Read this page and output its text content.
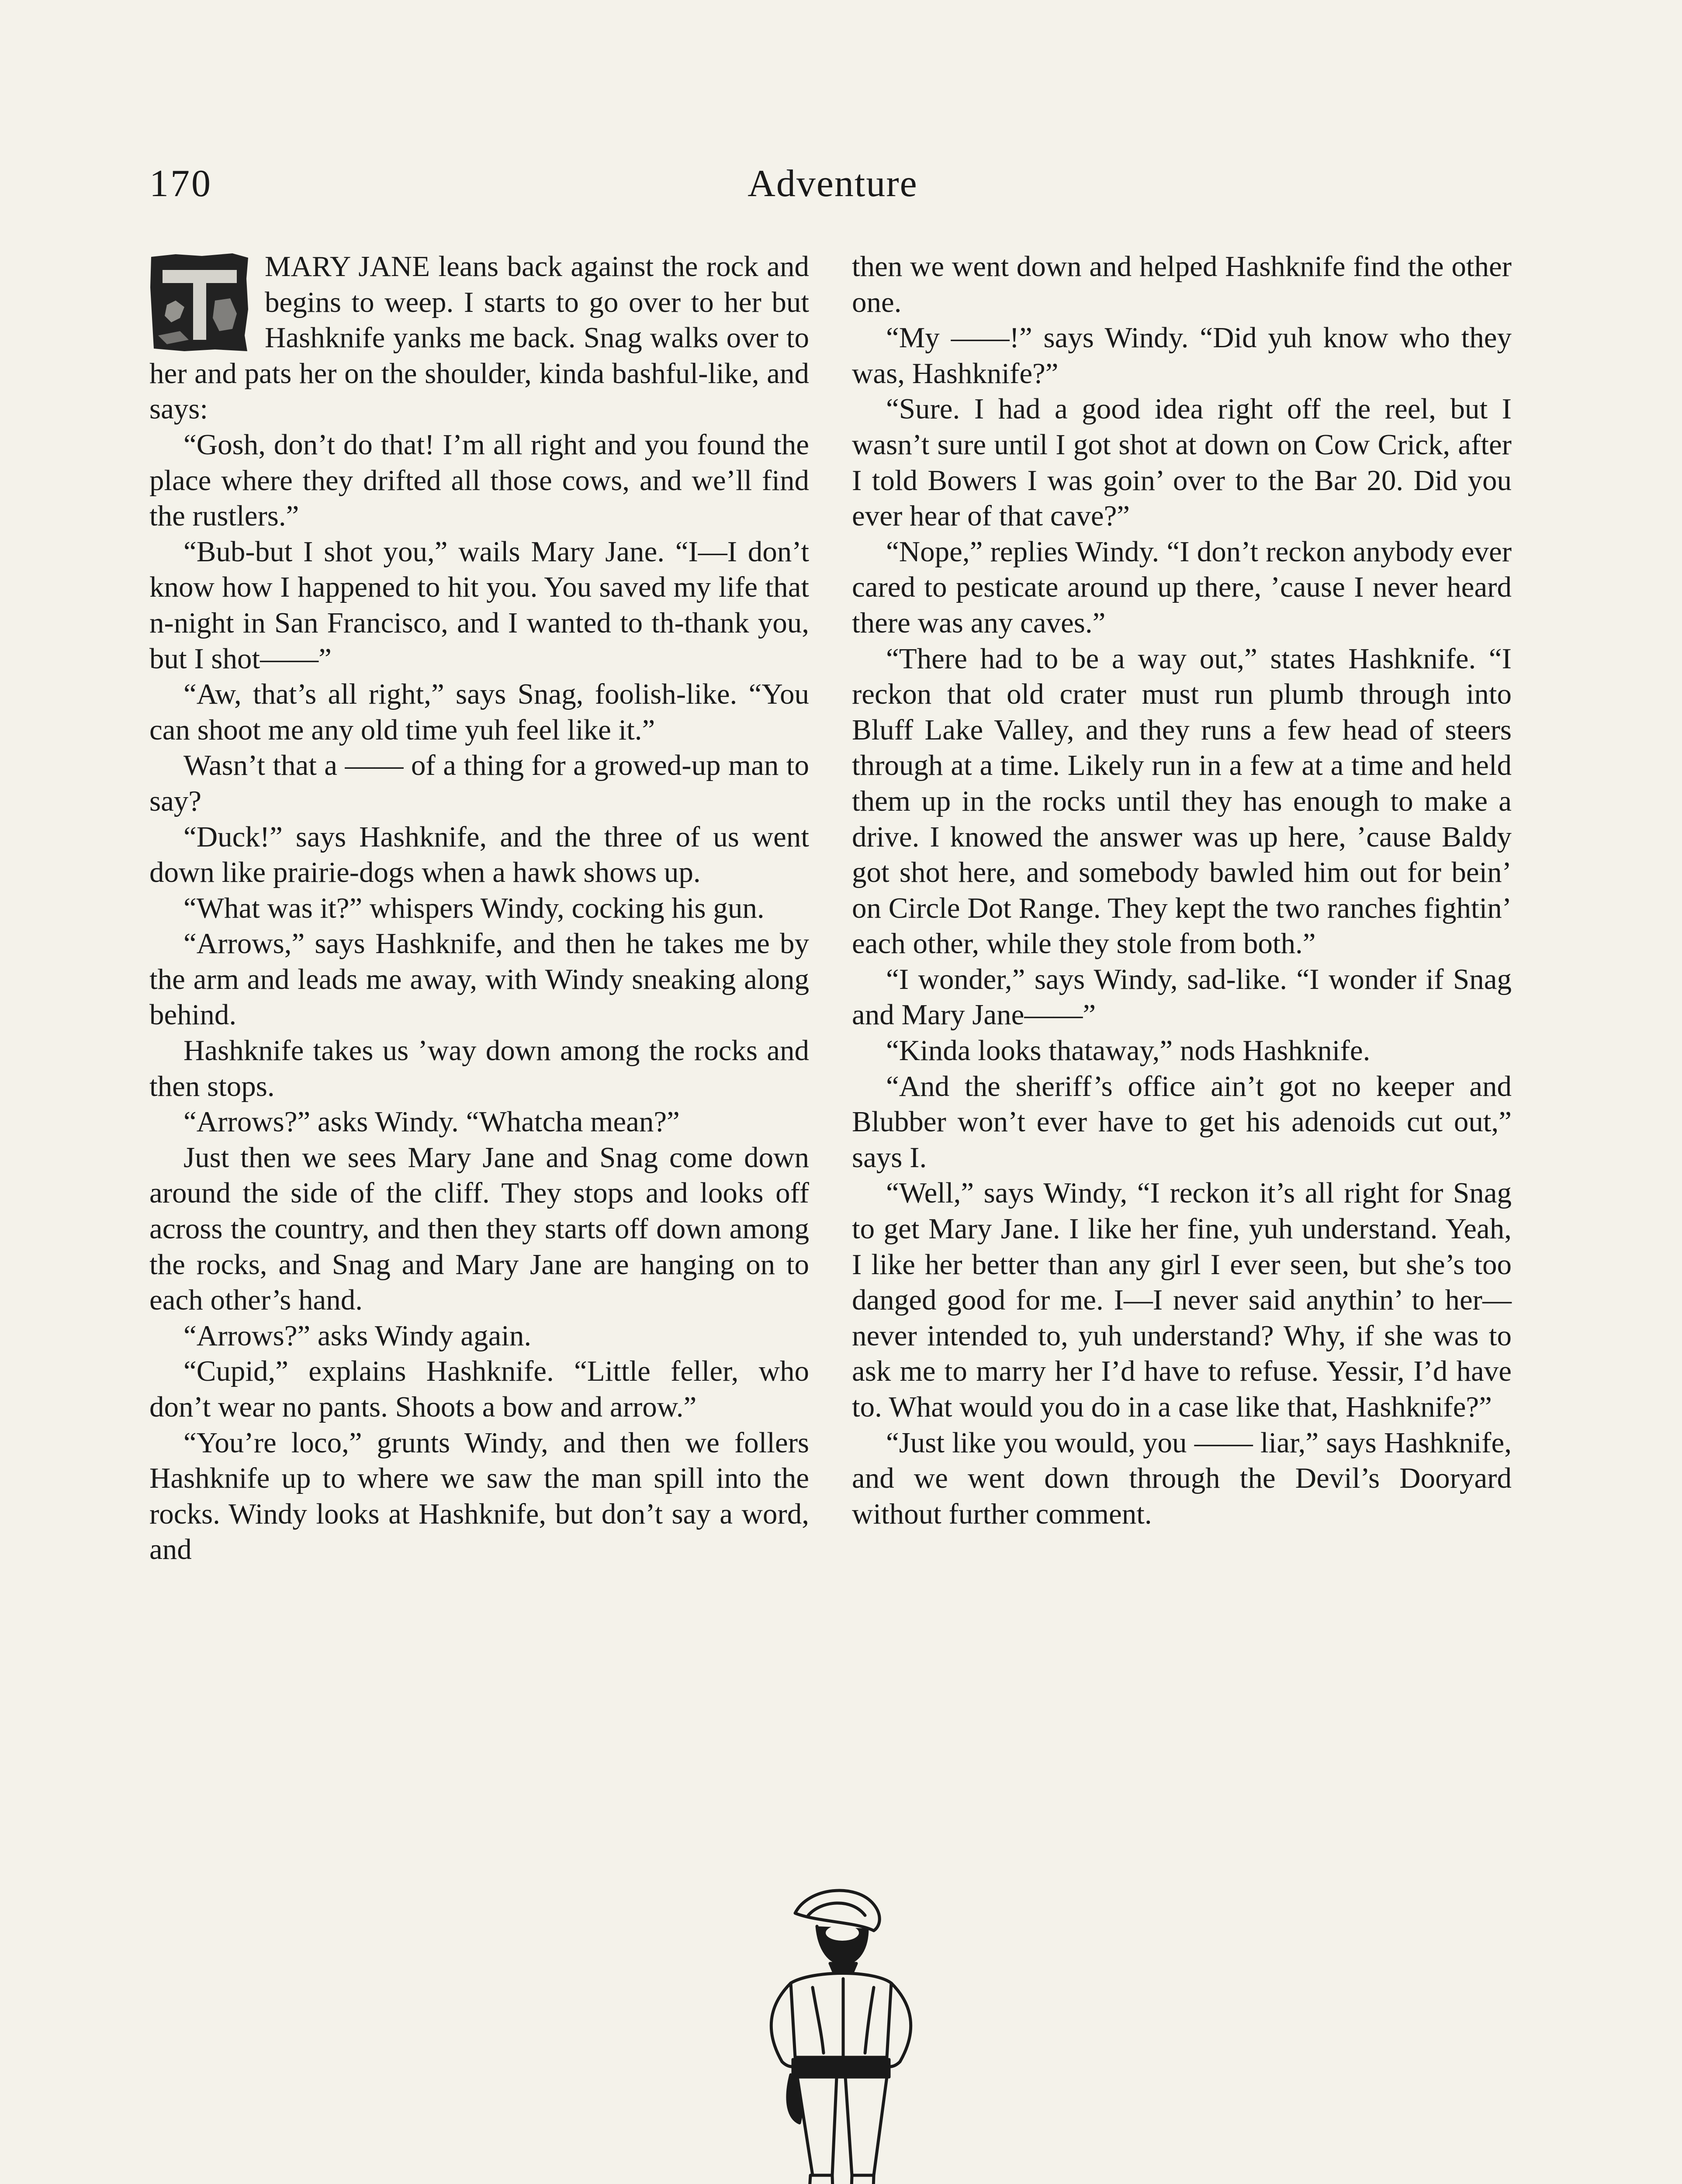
170	Adventure

MARY JANE leans back against the rock and begins to weep. I starts to go over to her but Hashknife yanks me back. Snag walks over to her and pats her on the shoulder, kinda bashful-like, and says:

“Gosh, don’t do that! I’m all right and you found the place where they drifted all those cows, and we’ll find the rustlers.”

“Bub-but I shot you,” wails Mary Jane. “I—I don’t know how I happened to hit you. You saved my life that n-night in San Francisco, and I wanted to th-thank you, but I shot——”

“Aw, that’s all right,” says Snag, foolish-like. “You can shoot me any old time yuh feel like it.”

Wasn’t that a —— of a thing for a growed-up man to say?

“Duck!” says Hashknife, and the three of us went down like prairie-dogs when a hawk shows up.

“What was it?” whispers Windy, cocking his gun.

“Arrows,” says Hashknife, and then he takes me by the arm and leads me away, with Windy sneaking along behind.

Hashknife takes us ’way down among the rocks and then stops.

“Arrows?” asks Windy. “Whatcha mean?”

Just then we sees Mary Jane and Snag come down around the side of the cliff. They stops and looks off across the country, and then they starts off down among the rocks, and Snag and Mary Jane are hanging on to each other’s hand.

“Arrows?” asks Windy again.

“Cupid,” explains Hashknife. “Little feller, who don’t wear no pants. Shoots a bow and arrow.”

“You’re loco,” grunts Windy, and then we follers Hashknife up to where we saw the man spill into the rocks. Windy looks at Hashknife, but don’t say a word, and

then we went down and helped Hashknife find the other one.

“My ——!” says Windy. “Did yuh know who they was, Hashknife?”

“Sure. I had a good idea right off the reel, but I wasn’t sure until I got shot at down on Cow Crick, after I told Bowers I was goin’ over to the Bar 20. Did you ever hear of that cave?”

“Nope,” replies Windy. “I don’t reckon anybody ever cared to pesticate around up there, ’cause I never heard there was any caves.”

“There had to be a way out,” states Hashknife. “I reckon that old crater must run plumb through into Bluff Lake Valley, and they runs a few head of steers through at a time. Likely run in a few at a time and held them up in the rocks until they has enough to make a drive. I knowed the answer was up here, ’cause Baldy got shot here, and somebody bawled him out for bein’ on Circle Dot Range. They kept the two ranches fightin’ each other, while they stole from both.”

“I wonder,” says Windy, sad-like. “I wonder if Snag and Mary Jane——”

“Kinda looks thataway,” nods Hashknife.

“And the sheriff’s office ain’t got no keeper and Blubber won’t ever have to get his adenoids cut out,” says I.

“Well,” says Windy, “I reckon it’s all right for Snag to get Mary Jane. I like her fine, yuh understand. Yeah, I like her better than any girl I ever seen, but she’s too danged good for me. I—I never said anythin’ to her—never intended to, yuh understand? Why, if she was to ask me to marry her I’d have to refuse. Yessir, I’d have to. What would you do in a case like that, Hashknife?”

“Just like you would, you —— liar,” says Hashknife, and we went down through the Devil’s Dooryard without further comment.
